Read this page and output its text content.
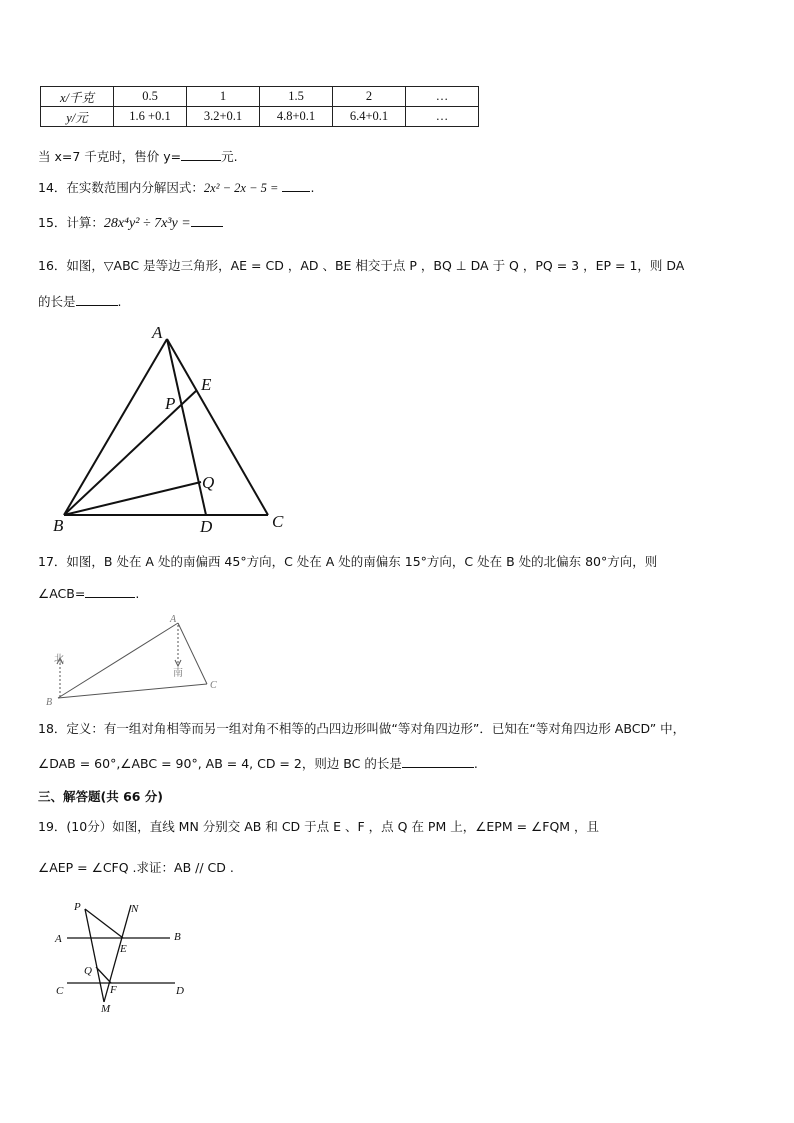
x/千克	0.5	1	1.5	2	…
y/元	1.6 +0.1	3.2+0.1	4.8+0.1	6.4+0.1	…
当 x=7 千克时，售价 y=	元.
14．在实数范围内分解因式：2x² − 2x − 5 =	.
15．计算：28x⁴y² ÷ 7x³y =
16．如图，▽ABC 是等边三角形，AE = CD ，AD 、BE 相交于点 P ，BQ ⊥ DA 于 Q ，PQ = 3 ，EP = 1，则 DA
的长是	.
A
E
P
Q
B	D	C
北
南
A
B
C
P	N
A	B
E
Q
C	F	D
M
17．如图，B 处在 A 处的南偏西 45°方向，C 处在 A 处的南偏东 15°方向，C 处在 B 处的北偏东 80°方向，则
∠ACB=	.
18．定义：有一组对角相等而另一组对角不相等的凸四边形叫做“等对角四边形”．已知在“等对角四边形 ABCD” 中，
∠DAB = 60°,∠ABC = 90°, AB = 4, CD = 2，则边 BC 的长是	.
三、解答题(共 66 分)
19．(10分）如图，直线 MN 分别交 AB 和 CD 于点 E 、F ，点 Q 在 PM 上，∠EPM = ∠FQM ，且
∠AEP = ∠CFQ .求证：AB // CD .
